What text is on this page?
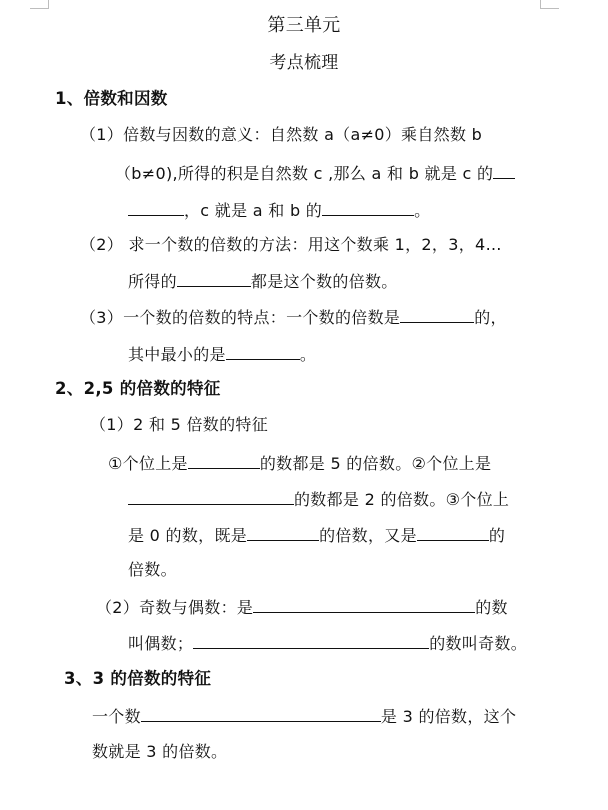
第三单元
考点梳理
1、倍数和因数
（1）倍数与因数的意义：自然数 a（a≠0）乘自然数 b
（b≠0),所得的积是自然数 c ,那么 a 和 b 就是 c 的
，c 就是 a 和 b 的	。
（2） 求一个数的倍数的方法：用这个数乘 1，2，3，4…
所得的	都是这个数的倍数。
（3）一个数的倍数的特点：一个数的倍数是	的，
其中最小的是	。
2、2,5 的倍数的特征
（1）2 和 5 倍数的特征
①个位上是	的数都是 5 的倍数。②个位上是
的数都是 2 的倍数。③个位上
是 0 的数，既是	的倍数，又是	的
倍数。
（2）奇数与偶数：是	的数
叫偶数；	的数叫奇数。
3、3 的倍数的特征
一个数	是 3 的倍数，这个
数就是 3 的倍数。
